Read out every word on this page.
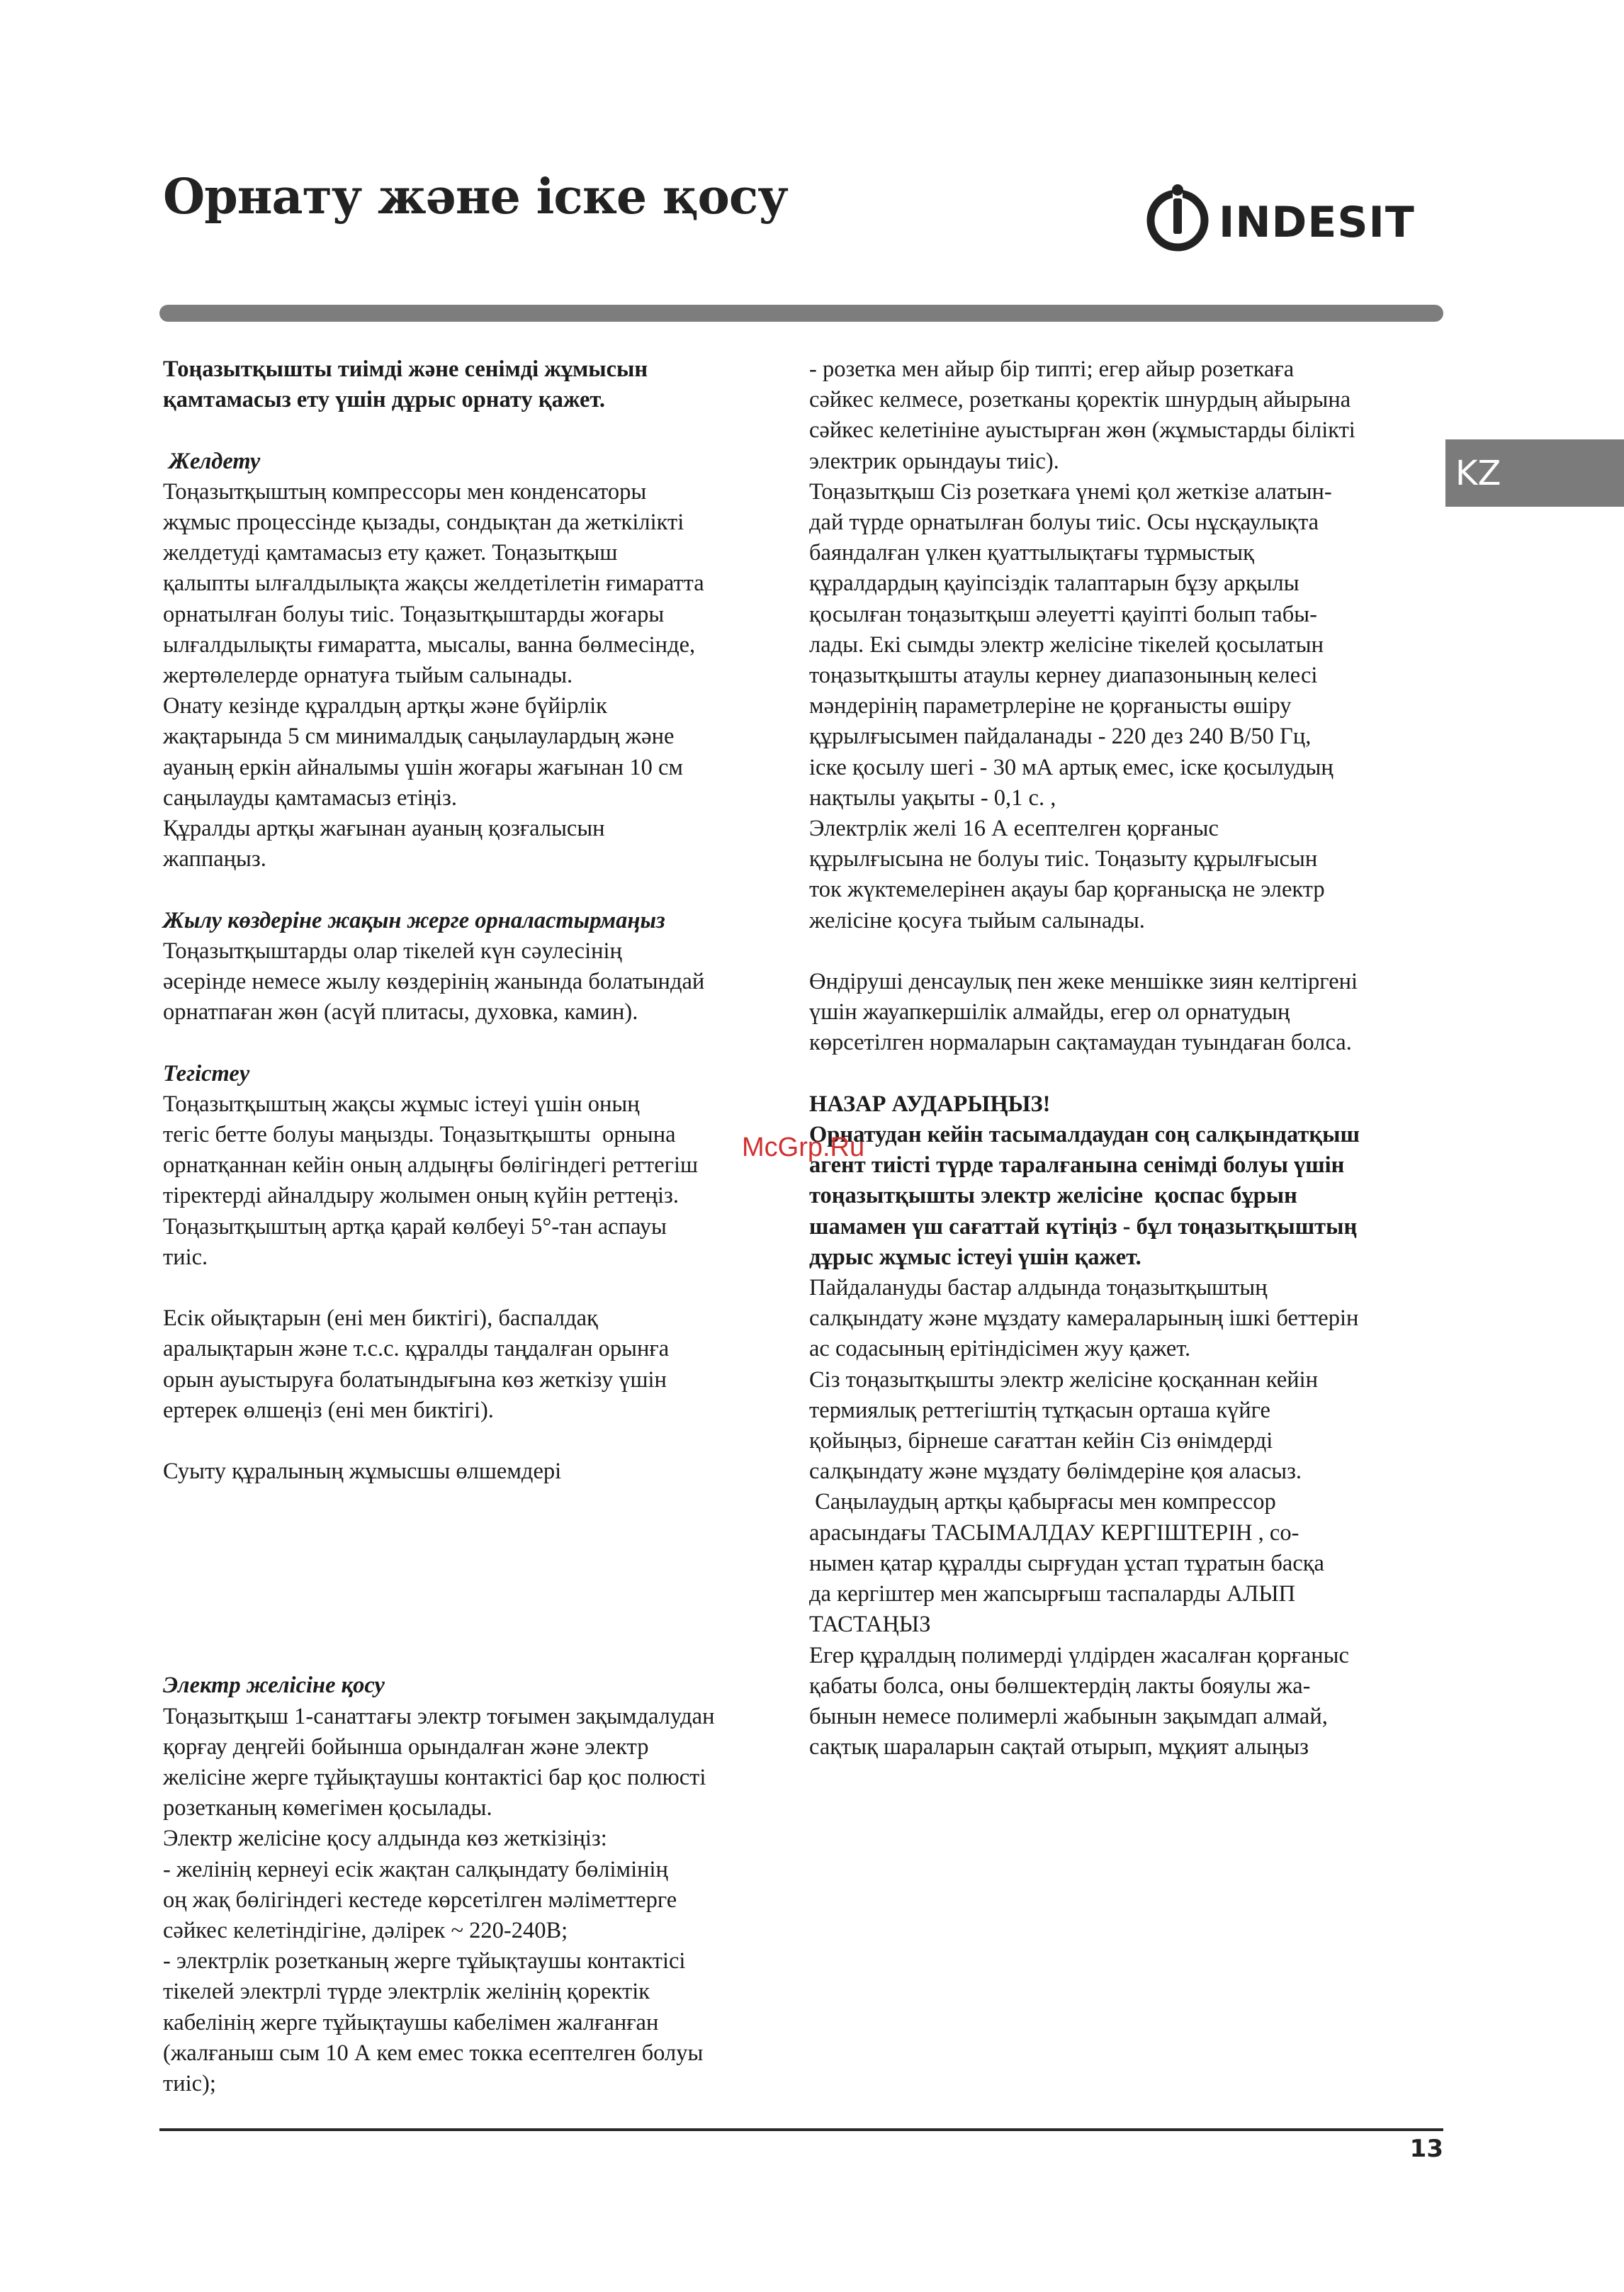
Орнату және іске қосу	INDESIT
KZ
Тоңазытқышты тиімді және сенімді жұмысын
қамтамасыз ету үшін дұрыс орнату қажет.
Желдету
Тоңазытқыштың компрессоры мен конденсаторы
жұмыс процессінде қызады, сондықтан да жеткілікті
желдетуді қамтамасыз ету қажет. Тоңазытқыш
қалыпты ылғалдылықта жақсы желдетілетін ғимаратта
орнатылған болуы тиіс. Тоңазытқыштарды жоғары
ылғалдылықты ғимаратта, мысалы, ванна бөлмесінде,
жертөлелерде орнатуға тыйым салынады.
Онату кезінде құралдың артқы және бүйірлік
жақтарында 5 см минималдық саңылаулардың және
ауаның еркін айналымы үшін жоғары жағынан 10 см
саңылауды қамтамасыз етіңіз.
Құралды артқы жағынан ауаның қозғалысын
жаппаңыз.
Жылу көздеріне жақын жерге орналастырмаңыз
Тоңазытқыштарды олар тікелей күн сәулесінің
әсерінде немесе жылу көздерінің жанында болатындай
орнатпаған жөн (асүй плитасы, духовка, камин).
Тегістеу
Тоңазытқыштың жақсы жұмыс істеуі үшін оның
тегіс бетте болуы маңызды. Тоңазытқышты  орнына
орнатқаннан кейін оның алдыңғы бөлігіндегі реттегіш
тіректерді айналдыру жолымен оның күйін реттеңіз.
Тоңазытқыштың артқа қарай көлбеуі 5°-тан аспауы
тиіс.
Есік ойықтарын (ені мен биктігі), баспалдақ
аралықтарын және т.с.с. құралды таңдалған орынға
орын ауыстыруға болатындығына көз жеткізу үшін
ертерек өлшеңіз (ені мен биктігі).
Суыту құралының жұмысшы өлшемдері
Электр желісіне қосу
Тоңазытқыш 1-санаттағы электр тоғымен зақымдалудан
қорғау деңгейі бойынша орындалған және электр
желісіне жерге тұйықтаушы контактісі бар қос полюсті
розетканың көмегімен қосылады.
Электр желісіне қосу алдында көз жеткізіңіз:
- желінің кернеуі есік жақтан салқындату бөлімінің
оң жақ бөлігіндегі кестеде көрсетілген мәліметтерге
сәйкес келетіндігіне, дәлірек ~ 220-240В;
- электрлік розетканың жерге тұйықтаушы контактісі
тікелей электрлі түрде электрлік желінің қоректік
кабелінің жерге тұйықтаушы кабелімен жалғанған
(жалғаныш сым 10 А кем емес токка есептелген болуы
тиіс);
- розетка мен айыр бір типті; егер айыр розеткаға
сәйкес келмесе, розетканы қоректік шнурдың айырына
сәйкес келетініне ауыстырған жөн (жұмыстарды білікті
электрик орындауы тиіс).
Тоңазытқыш Сіз розеткаға үнемі қол жеткізе алатын-
дай түрде орнатылған болуы тиіс. Осы нұсқаулықта
баяндалған үлкен қуаттылықтағы тұрмыстық
құралдардың қауіпсіздік талаптарын бұзу арқылы
қосылған тоңазытқыш әлеуетті қауіпті болып табы-
лады. Екі сымды электр желісіне тікелей қосылатын
тоңазытқышты атаулы кернеу диапазонының келесі
мәндерінің параметрлеріне не қорғанысты өшіру
құрылғысымен пайдаланады - 220 дез 240 В/50 Гц,
іске қосылу шегі - 30 мА артық емес, іске қосылудың
нақтылы уақыты - 0,1 с. ,
Электрлік желі 16 А есептелген қорғаныс
құрылғысына не болуы тиіс. Тоңазыту құрылғысын
ток жүктемелерінен ақауы бар қорғанысқа не электр
желісіне қосуға тыйым салынады.
Өндіруші денсаулық пен жеке меншікке зиян келтіргені
үшін жауапкершілік алмайды, егер ол орнатудың
көрсетілген нормаларын сақтамаудан туындаған болса.
НАЗАР АУДАРЫҢЫЗ!
Орнатудан кейін тасымалдаудан соң салқындатқыш
агент тиісті түрде таралғанына сенімді болуы үшін
тоңазытқышты электр желісіне  қоспас бұрын
шамамен үш сағаттай күтіңіз - бұл тоңазытқыштың
дұрыс жұмыс істеуі үшін қажет.
Пайдалануды бастар алдында тоңазытқыштың
салқындату және мұздату камераларының ішкі беттерін
ас содасының ерітіндісімен жуу қажет.
Сіз тоңазытқышты электр желісіне қосқаннан кейін
термиялық реттегіштің тұтқасын орташа күйге
қойыңыз, бірнеше сағаттан кейін Сіз өнімдерді
салқындату және мұздату бөлімдеріне қоя аласыз.
Саңылаудың артқы қабырғасы мен компрессор
арасындағы ТАСЫМАЛДАУ КЕРГІШТЕРІН , со-
нымен қатар құралды сырғудан ұстап тұратын басқа
да кергіштер мен жапсырғыш таспаларды АЛЫП
ТАСТАҢЫЗ
Егер құралдың полимерді үлдірден жасалған қорғаныс
қабаты болса, оны бөлшектердің лакты бояулы жа-
бынын немесе полимерлі жабынын зақымдап алмай,
сақтық шараларын сақтай отырып, мұқият алыңыз
McGrp.Ru
13
